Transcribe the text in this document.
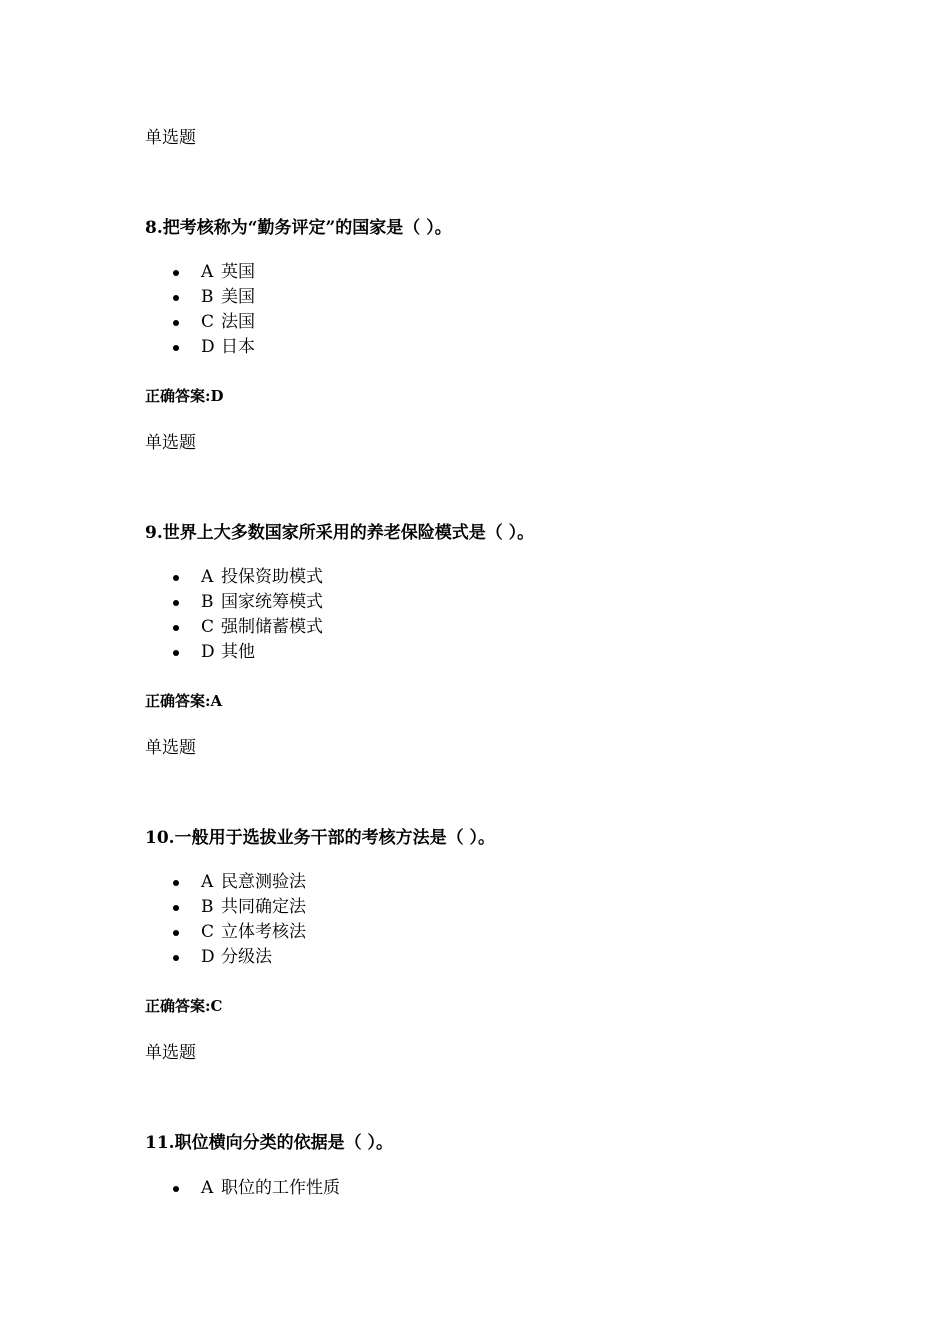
单选题
8.把考核称为“勤务评定”的国家是（ ）。
A 英国
B 美国
C 法国
D 日本
正确答案:D
单选题
9.世界上大多数国家所采用的养老保险模式是（ ）。
A 投保资助模式
B 国家统筹模式
C 强制储蓄模式
D 其他
正确答案:A
单选题
10.一般用于选拔业务干部的考核方法是（ ）。
A 民意测验法
B 共同确定法
C 立体考核法
D 分级法
正确答案:C
单选题
11.职位横向分类的依据是（ ）。
A 职位的工作性质
